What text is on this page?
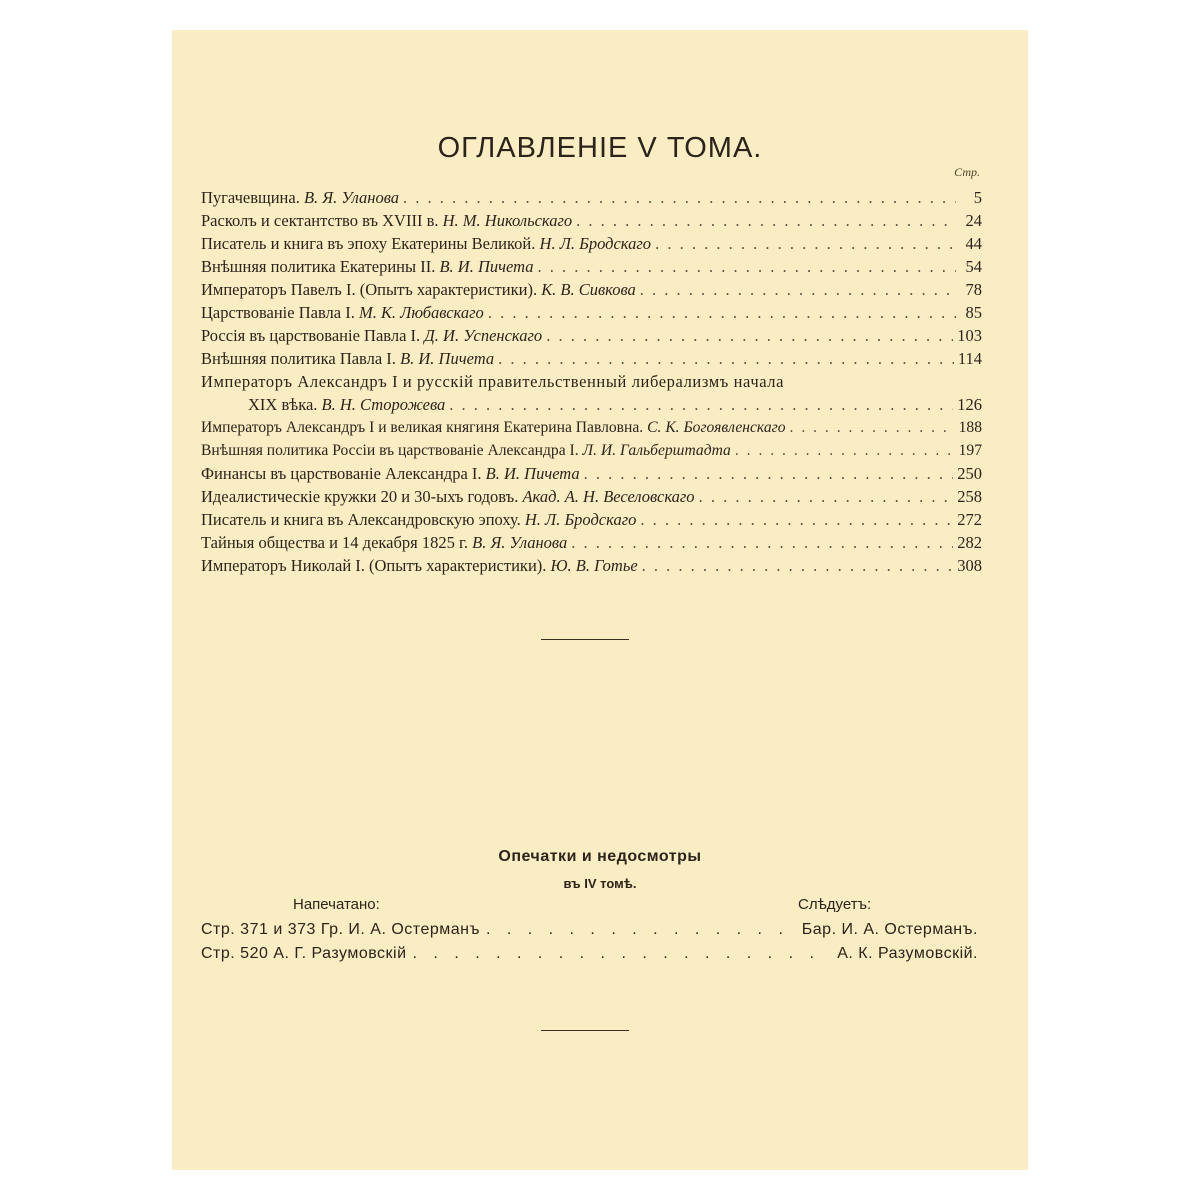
ОГЛАВЛЕНIЕ V ТОМА.
Стр.
Пугачевщина.
В. Я. Уланова . . .	5
Расколъ и сектантство въ XVIII в.
Н. М. Никольскаго . . .	24
Писатель и книга въ эпоху Екатерины Великой.
Н. Л. Бродскаго . . .	44
Внѣшняя политика Екатерины II.
В. И. Пичета . . .	54
Императоръ Павелъ I. (Опытъ характеристики).
К. В. Сивкова . . .	78
Царствованiе Павла I.
М. К. Любавскаго . . .	85
Россiя въ царствованiе Павла I.
Д. И. Успенскаго . . .	103
Внѣшняя политика Павла I.
В. И. Пичета . . .	114
Императоръ Александръ I и русскiй правительственный либерализмъ начала
XIX вѣка.
В. Н. Сторожева . . .	126
Императоръ Александръ I и великая княгиня Екатерина Павловна.
С. К. Богоявленскаго . . .	188
Внѣшняя политика Россiи въ царствованiе Александра I.
Л. И. Гальберштадта . . .	197
Финансы въ царствованiе Александра I.
В. И. Пичета . . .	250
Идеалистическiе кружки 20 и 30-ыхъ годовъ.
Акад. А. Н. Веселовскаго . . .	258
Писатель и книга въ Александровскую эпоху.
Н. Л. Бродскаго . . .	272
Тайныя общества и 14 декабря 1825 г.
В. Я. Уланова . . .	282
Императоръ Николай I. (Опытъ характеристики).
Ю. В. Готье . . .	308
Опечатки и недосмотры
въ IV томѣ.
Напечатано:	Слѣдуетъ:
Стр. 371 и 373 Гр. И. А. Остерманъ . . .	Бар. И. А. Остерманъ.
Стр. 520 А. Г. Разумовскiй . . .	А. К. Разумовскiй.
